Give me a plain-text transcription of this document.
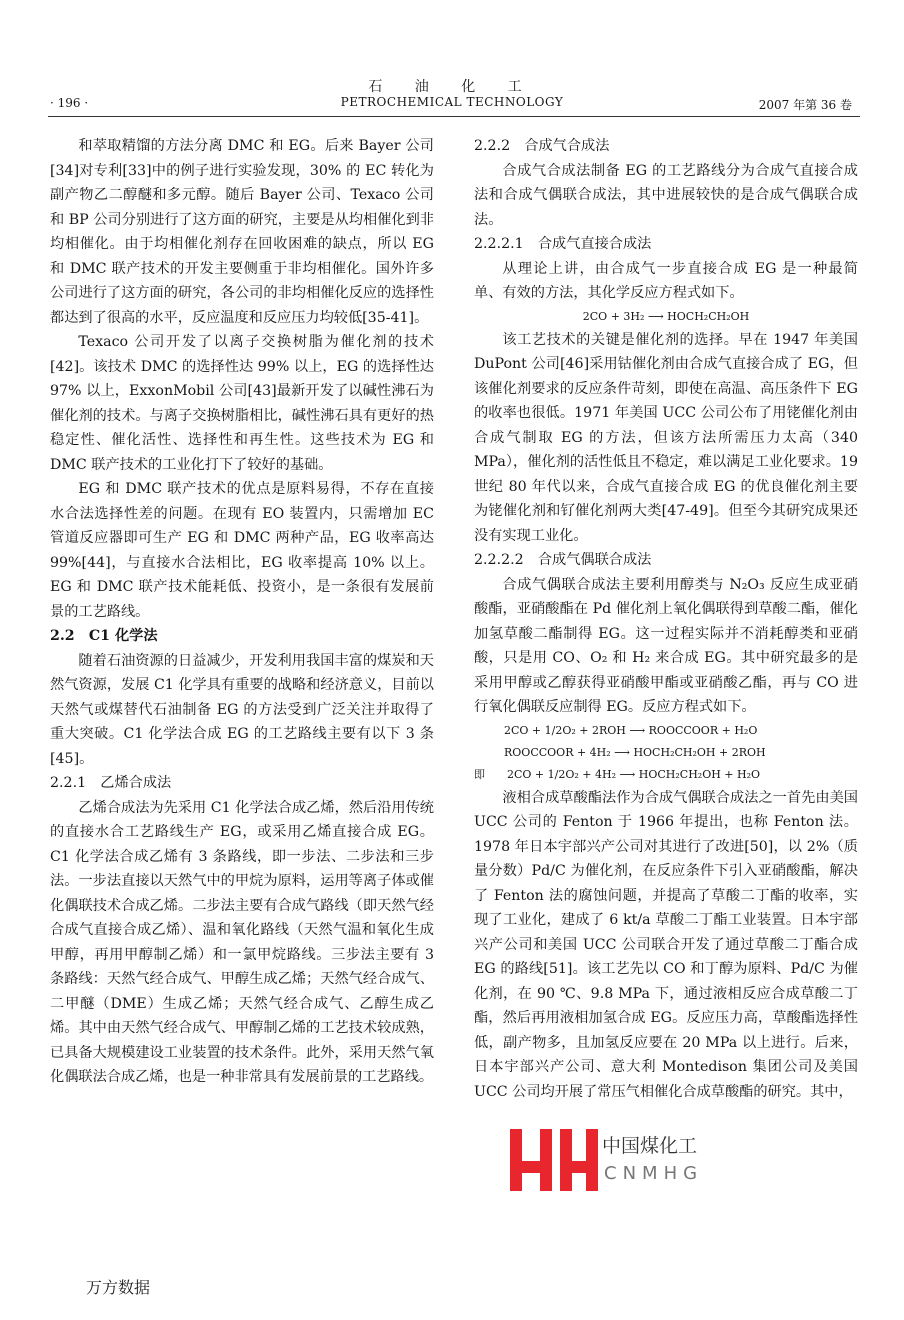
石 油 化 工
PETROCHEMICAL TECHNOLOGY
· 196 ·	2007 年第 36 卷

和萃取精馏的方法分离 DMC 和 EG。后来 Bayer 公司[34]对专利[33]中的例子进行实验发现，30% 的 EC 转化为副产物乙二醇醚和多元醇。随后 Bayer 公司、Texaco 公司和 BP 公司分别进行了这方面的研究，主要是从均相催化到非均相催化。由于均相催化剂存在回收困难的缺点，所以 EG 和 DMC 联产技术的开发主要侧重于非均相催化。国外许多公司进行了这方面的研究，各公司的非均相催化反应的选择性都达到了很高的水平，反应温度和反应压力均较低[35-41]。

Texaco 公司开发了以离子交换树脂为催化剂的技术[42]。该技术 DMC 的选择性达 99% 以上，EG 的选择性达 97% 以上，ExxonMobil 公司[43]最新开发了以碱性沸石为催化剂的技术。与离子交换树脂相比，碱性沸石具有更好的热稳定性、催化活性、选择性和再生性。这些技术为 EG 和 DMC 联产技术的工业化打下了较好的基础。

EG 和 DMC 联产技术的优点是原料易得，不存在直接水合法选择性差的问题。在现有 EO 装置内，只需增加 EC 管道反应器即可生产 EG 和 DMC 两种产品，EG 收率高达 99%[44]，与直接水合法相比，EG 收率提高 10% 以上。EG 和 DMC 联产技术能耗低、投资小，是一条很有发展前景的工艺路线。

2.2　C1 化学法

随着石油资源的日益减少，开发利用我国丰富的煤炭和天然气资源，发展 C1 化学具有重要的战略和经济意义，目前以天然气或煤替代石油制备 EG 的方法受到广泛关注并取得了重大突破。C1 化学法合成 EG 的工艺路线主要有以下 3 条[45]。

2.2.1　乙烯合成法

乙烯合成法为先采用 C1 化学法合成乙烯，然后沿用传统的直接水合工艺路线生产 EG，或采用乙烯直接合成 EG。C1 化学法合成乙烯有 3 条路线，即一步法、二步法和三步法。一步法直接以天然气中的甲烷为原料，运用等离子体或催化偶联技术合成乙烯。二步法主要有合成气路线（即天然气经合成气直接合成乙烯）、温和氧化路线（天然气温和氧化生成甲醇，再用甲醇制乙烯）和一氯甲烷路线。三步法主要有 3 条路线：天然气经合成气、甲醇生成乙烯；天然气经合成气、二甲醚（DME）生成乙烯；天然气经合成气、乙醇生成乙烯。其中由天然气经合成气、甲醇制乙烯的工艺技术较成熟，已具备大规模建设工业装置的技术条件。此外，采用天然气氧化偶联法合成乙烯，也是一种非常具有发展前景的工艺路线。

2.2.2　合成气合成法

合成气合成法制备 EG 的工艺路线分为合成气直接合成法和合成气偶联合成法，其中进展较快的是合成气偶联合成法。

2.2.2.1　合成气直接合成法

从理论上讲，由合成气一步直接合成 EG 是一种最简单、有效的方法，其化学反应方程式如下。

2CO + 3H₂ ⟶ HOCH₂CH₂OH

该工艺技术的关键是催化剂的选择。早在 1947 年美国 DuPont 公司[46]采用钴催化剂由合成气直接合成了 EG，但该催化剂要求的反应条件苛刻，即使在高温、高压条件下 EG 的收率也很低。1971 年美国 UCC 公司公布了用铑催化剂由合成气制取 EG 的方法，但该方法所需压力太高（340 MPa），催化剂的活性低且不稳定，难以满足工业化要求。19 世纪 80 年代以来，合成气直接合成 EG 的优良催化剂主要为铑催化剂和钌催化剂两大类[47-49]。但至今其研究成果还没有实现工业化。

2.2.2.2　合成气偶联合成法

合成气偶联合成法主要利用醇类与 N₂O₃ 反应生成亚硝酸酯，亚硝酸酯在 Pd 催化剂上氧化偶联得到草酸二酯，催化加氢草酸二酯制得 EG。这一过程实际并不消耗醇类和亚硝酸，只是用 CO、O₂ 和 H₂ 来合成 EG。其中研究最多的是采用甲醇或乙醇获得亚硝酸甲酯或亚硝酸乙酯，再与 CO 进行氧化偶联反应制得 EG。反应方程式如下。

2CO + 1/2O₂ + 2ROH ⟶ ROOCCOOR + H₂O
ROOCCOOR + 4H₂ ⟶ HOCH₂CH₂OH + 2ROH
即　　2CO + 1/2O₂ + 4H₂ ⟶ HOCH₂CH₂OH + H₂O

液相合成草酸酯法作为合成气偶联合成法之一首先由美国 UCC 公司的 Fenton 于 1966 年提出，也称 Fenton 法。1978 年日本宇部兴产公司对其进行了改进[50]，以 2%（质量分数）Pd/C 为催化剂，在反应条件下引入亚硝酸酯，解决了 Fenton 法的腐蚀问题，并提高了草酸二丁酯的收率，实现了工业化，建成了 6 kt/a 草酸二丁酯工业装置。日本宇部兴产公司和美国 UCC 公司联合开发了通过草酸二丁酯合成 EG 的路线[51]。该工艺先以 CO 和丁醇为原料、Pd/C 为催化剂，在 90 ℃、9.8 MPa 下，通过液相反应合成草酸二丁酯，然后再用液相加氢合成 EG。反应压力高，草酸酯选择性低，副产物多，且加氢反应要在 20 MPa 以上进行。后来，日本宇部兴产公司、意大利 Montedison 集团公司及美国 UCC 公司均开展了常压气相催化合成草酸酯的研究。其中，

万方数据
中国煤化工
CNMHG
